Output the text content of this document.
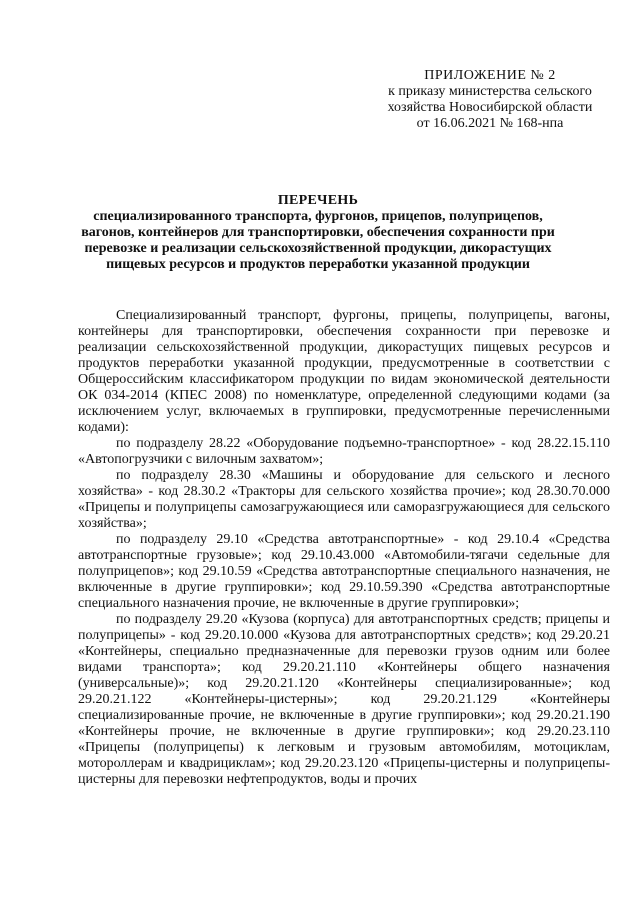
ПРИЛОЖЕНИЕ № 2
к приказу министерства сельского
хозяйства Новосибирской области
от 16.06.2021 № 168-нпа
ПЕРЕЧЕНЬ
специализированного транспорта, фургонов, прицепов, полуприцепов,
вагонов, контейнеров для транспортировки, обеспечения сохранности при
перевозке и реализации сельскохозяйственной продукции, дикорастущих
пищевых ресурсов и продуктов переработки указанной продукции

Специализированный транспорт, фургоны, прицепы, полуприцепы, вагоны, контейнеры для транспортировки, обеспечения сохранности при перевозке и реализации сельскохозяйственной продукции, дикорастущих пищевых ресурсов и продуктов переработки указанной продукции, предусмотренные в соответствии с Общероссийским классификатором продукции по видам экономической деятельности ОК 034-2014 (КПЕС 2008) по номенклатуре, определенной следующими кодами (за исключением услуг, включаемых в группировки, предусмотренные перечисленными кодами):

по подразделу 28.22 «Оборудование подъемно-транспортное» - код 28.22.15.110 «Автопогрузчики с вилочным захватом»;

по подразделу 28.30 «Машины и оборудование для сельского и лесного хозяйства» - код 28.30.2 «Тракторы для сельского хозяйства прочие»; код 28.30.70.000 «Прицепы и полуприцепы самозагружающиеся или саморазгружающиеся для сельского хозяйства»;

по подразделу 29.10 «Средства автотранспортные» - код 29.10.4 «Средства автотранспортные грузовые»; код 29.10.43.000 «Автомобили-тягачи седельные для полуприцепов»; код 29.10.59 «Средства автотранспортные специального назначения, не включенные в другие группировки»; код 29.10.59.390 «Средства автотранспортные специального назначения прочие, не включенные в другие группировки»;

по подразделу 29.20 «Кузова (корпуса) для автотранспортных средств; прицепы и полуприцепы» - код 29.20.10.000 «Кузова для автотранспортных средств»; код 29.20.21 «Контейнеры, специально предназначенные для перевозки грузов одним или более видами транспорта»; код 29.20.21.110 «Контейнеры общего назначения (универсальные)»; код 29.20.21.120 «Контейнеры специализированные»; код 29.20.21.122 «Контейнеры-цистерны»; код 29.20.21.129 «Контейнеры специализированные прочие, не включенные в другие группировки»; код 29.20.21.190 «Контейнеры прочие, не включенные в другие группировки»; код 29.20.23.110 «Прицепы (полуприцепы) к легковым и грузовым автомобилям, мотоциклам, мотороллерам и квадрициклам»; код 29.20.23.120 «Прицепы-цистерны и полуприцепы-цистерны для перевозки нефтепродуктов, воды и прочих
